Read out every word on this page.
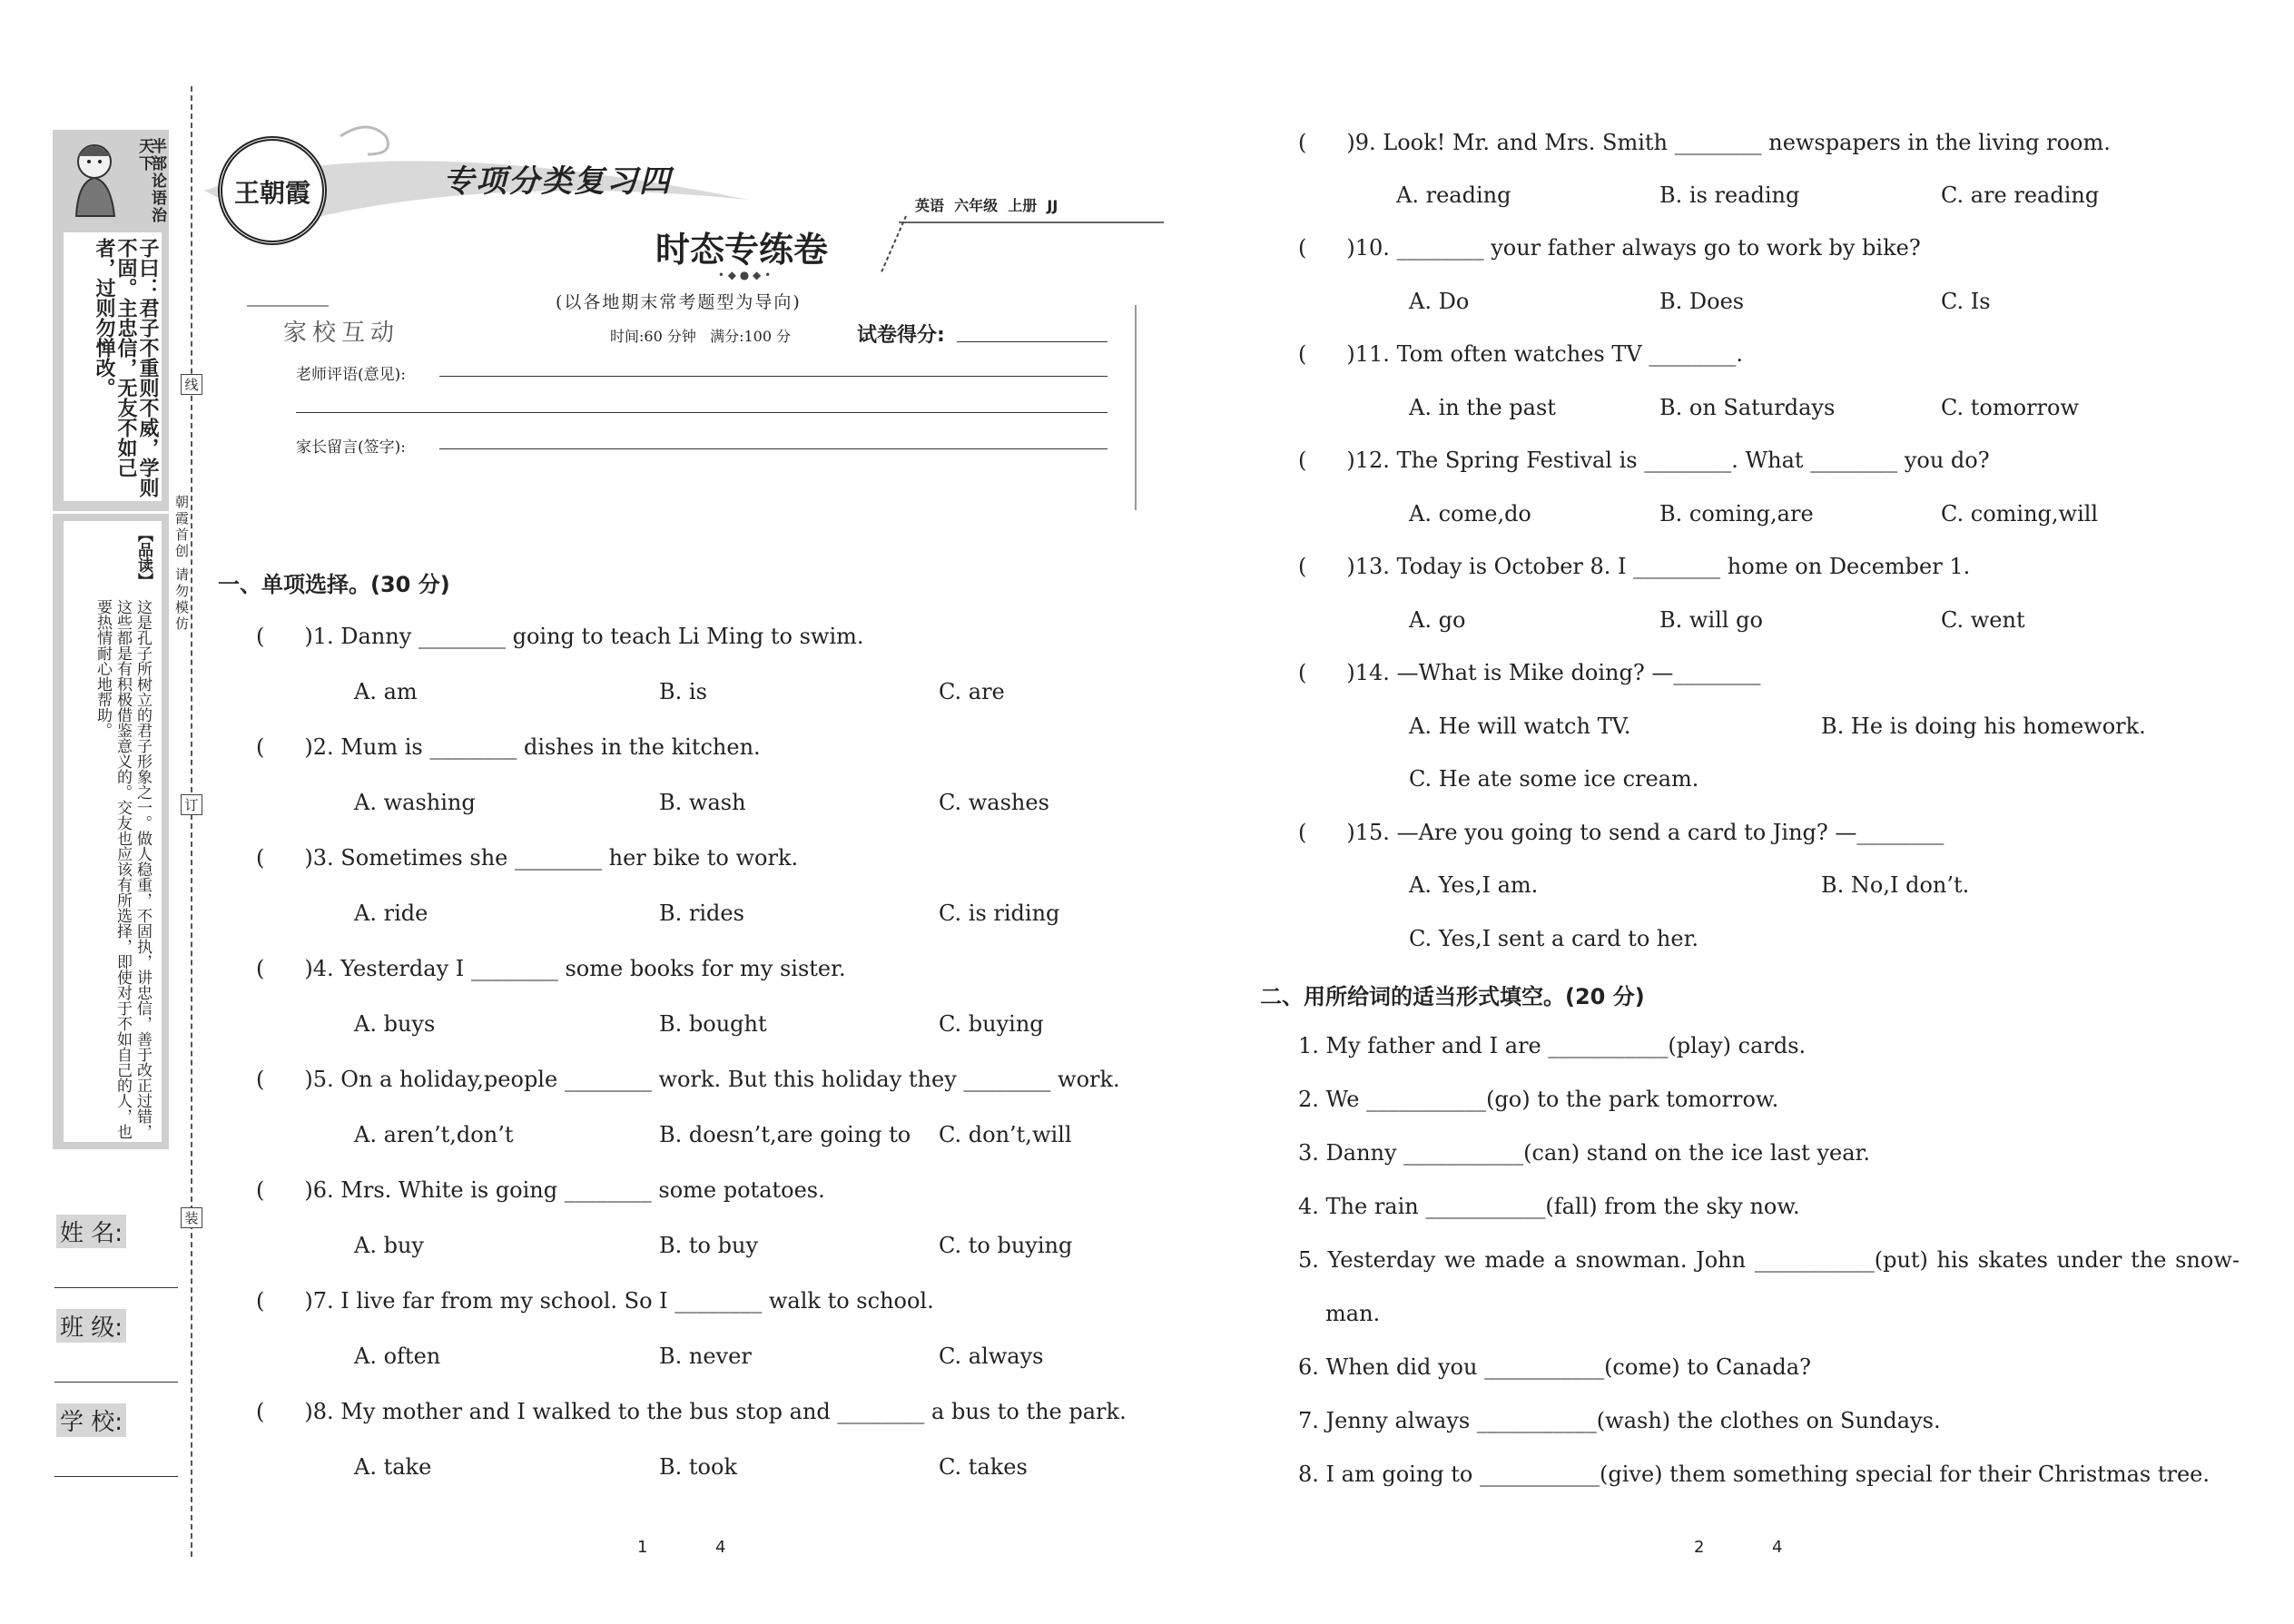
半部论语治天下
子曰：君子不重则不威，学则不固。主忠信，无友不如己者，过则勿惮改。
【品读】
这是孔子所树立的君子形象之一。做人稳重，不固执，讲忠信，善于改正过错，这些都是有积极借鉴意义的。交友也应该有所选择，即使对于不如自己的人，也要热情耐心地帮助。
姓 名:
班 级:
学 校:
线
订
装
朝霞首创 请勿模仿
王朝霞	专项分类复习四
英语  六年级  上册  JJ
时态专练卷
• ◆ ● ◆ •
(以各地期末常考题型为导向)
家校互动	时间:60 分钟   满分:100 分	试卷得分:
老师评语(意见):
家长留言(签字):
一、单项选择。(30 分)
( )1. Danny ________ going to teach Li Ming to swim.
A. am	B. is	C. are
( )2. Mum is ________ dishes in the kitchen.
A. washing	B. wash	C. washes
( )3. Sometimes she ________ her bike to work.
A. ride	B. rides	C. is riding
( )4. Yesterday I ________ some books for my sister.
A. buys	B. bought	C. buying
( )5. On a holiday,people ________ work. But this holiday they ________ work.
A. aren’t,don’t	B. doesn’t,are going to C. don’t,will
( )6. Mrs. White is going ________ some potatoes.
A. buy	B. to buy	C. to buying
( )7. I live far from my school. So I ________ walk to school.
A. often	B. never	C. always
( )8. My mother and I walked to the bus stop and ________ a bus to the park.
A. take	B. took	C. takes
1	4
( )9. Look! Mr. and Mrs. Smith ________ newspapers in the living room.
A. reading	B. is reading	C. are reading
( )10. ________ your father always go to work by bike?
A. Do	B. Does	C. Is
( )11. Tom often watches TV ________.
A. in the past	B. on Saturdays	C. tomorrow
( )12. The Spring Festival is ________. What ________ you do?
A. come,do	B. coming,are	C. coming,will
( )13. Today is October 8. I ________ home on December 1.
A. go	B. will go	C. went
( )14. —What is Mike doing? —________
A. He will watch TV.	B. He is doing his homework.
C. He ate some ice cream.
( )15. —Are you going to send a card to Jing? —________
A. Yes,I am.	B. No,I don’t.
C. Yes,I sent a card to her.
二、用所给词的适当形式填空。(20 分)
1. My father and I are ___________(play) cards.
2. We ___________(go) to the park tomorrow.
3. Danny ___________(can) stand on the ice last year.
4. The rain ___________(fall) from the sky now.
5. Yesterday we made a snowman. John ___________(put) his skates under the snow-
man.
6. When did you ___________(come) to Canada?
7. Jenny always ___________(wash) the clothes on Sundays.
8. I am going to ___________(give) them something special for their Christmas tree.
2	4
